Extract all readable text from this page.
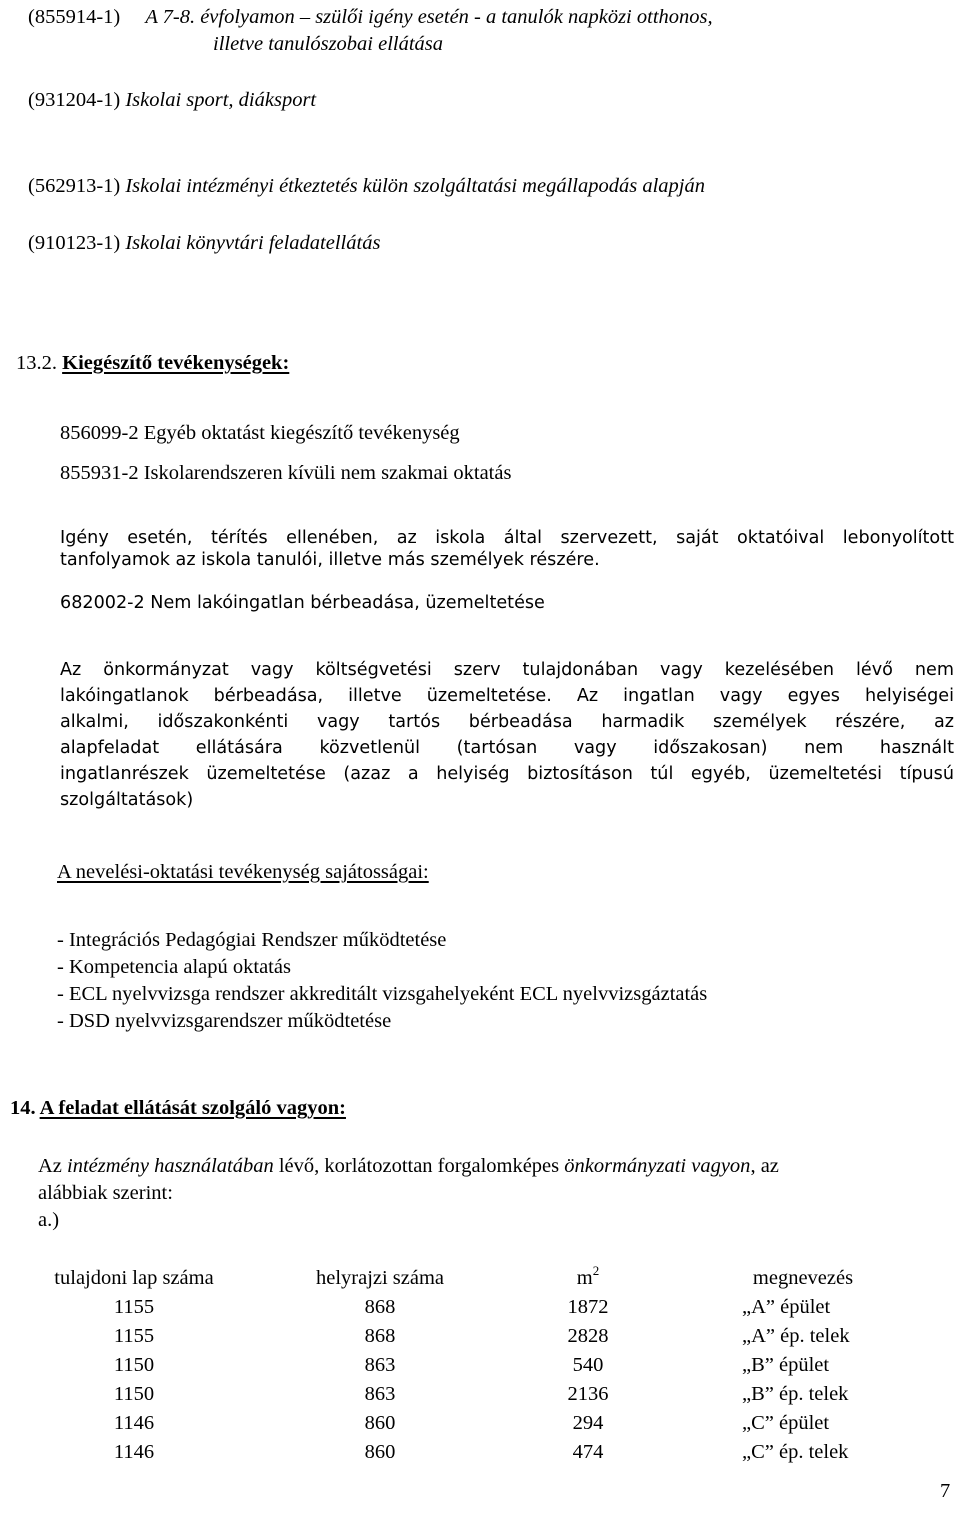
(855914-1) A 7-8. évfolyamon – szülői igény esetén - a tanulók napközi otthonos,
illetve tanulószobai ellátása
(931204-1) Iskolai sport, diáksport
(562913-1) Iskolai intézményi étkeztetés külön szolgáltatási megállapodás alapján
(910123-1) Iskolai könyvtári feladatellátás
13.2. Kiegészítő tevékenységek:
856099-2 Egyéb oktatást kiegészítő tevékenység
855931-2 Iskolarendszeren kívüli nem szakmai oktatás
Igény esetén, térítés ellenében, az iskola által szervezett, saját oktatóival lebonyolított
tanfolyamok az iskola tanulói, illetve más személyek részére.
682002-2 Nem lakóingatlan bérbeadása, üzemeltetése
Az önkormányzat vagy költségvetési szerv tulajdonában vagy kezelésében lévő nem
lakóingatlanok bérbeadása, illetve üzemeltetése. Az ingatlan vagy egyes helyiségei
alkalmi, időszakonkénti vagy tartós bérbeadása harmadik személyek részére, az
alapfeladat ellátására közvetlenül (tartósan vagy időszakosan) nem használt
ingatlanrészek üzemeltetése (azaz a helyiség biztosításon túl egyéb, üzemeltetési típusú
szolgáltatások)
A nevelési-oktatási tevékenység sajátosságai:
- Integrációs Pedagógiai Rendszer működtetése
- Kompetencia alapú oktatás
- ECL nyelvvizsga rendszer akkreditált vizsgahelyeként ECL nyelvvizsgáztatás
- DSD nyelvvizsgarendszer működtetése
14. A feladat ellátását szolgáló vagyon:
Az intézmény használatában lévő, korlátozottan forgalomképes önkormányzati vagyon, az
alábbiak szerint:
a.)
tulajdoni lap száma	helyrajzi száma	$m^2$	megnevezés
1155	868	1872	„A” épület
1155	868	2828	„A” ép. telek
1150	863	540	„B” épület
1150	863	2136	„B” ép. telek
1146	860	294	„C” épület
1146	860	474	„C” ép. telek
7
